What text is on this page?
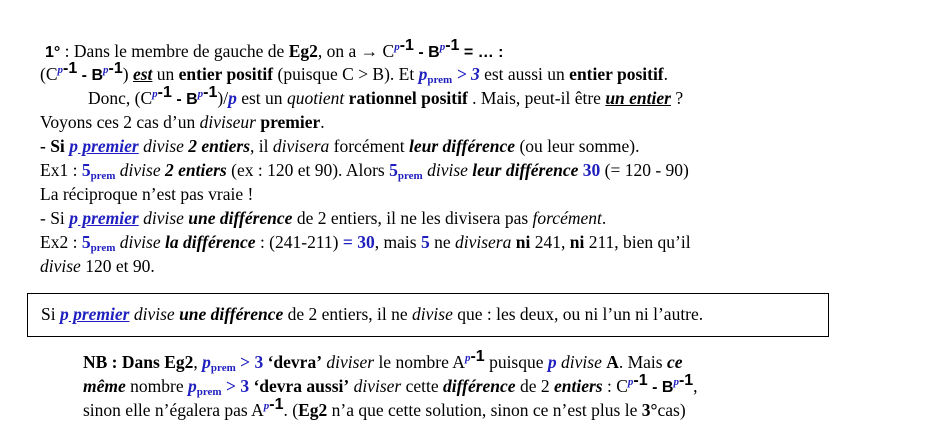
1° : Dans le membre de gauche de Eg2, on $a \to C^{p-1} - B^{p-1}$ = … :
$(C^{p-1} - B^{p-1})$ est un entier positif (puisque C > B). Et $p_{prem} > 3$ est aussi un entier positif.
Donc, $(C^{p-1} - B^{p-1})/p$ est un quotient rationnel positif . Mais, peut-il être un entier ?
Voyons ces 2 cas d’un diviseur premier.
- Si p premier divise 2 entiers, il divisera forcément leur différence (ou leur somme).
Ex1 : $5_{prem}$ divise 2 entiers (ex : 120 et 90). Alors $5_{prem}$ divise leur différence 30 (= 120 - 90)
La réciproque n’est pas vraie !
- Si p premier divise une différence de 2 entiers, il ne les divisera pas forcément.
Ex2 : $5_{prem}$ divise la différence : (241-211) = 30, mais 5 ne divisera ni 241, ni 211, bien qu’il
divise 120 et 90.
Si p premier divise une différence de 2 entiers, il ne divise que : les deux, ou ni l’un ni l’autre.
NB : Dans Eg2, $p_{prem} > 3$ ‘devra’ diviser le nombre $A^{p-1}$ puisque p divise A. Mais ce
même nombre $p_{prem} > 3$ ‘devra aussi’ diviser cette différence de 2 entiers : $C^{p-1} - B^{p-1}$,
sinon elle n’égalera pas $A^{p-1}$. (Eg2 n’a que cette solution, sinon ce n’est plus le 3°cas)
